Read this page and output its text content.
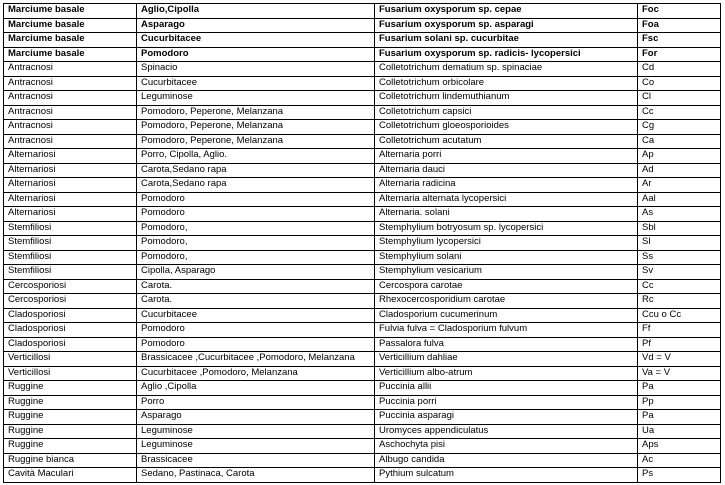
Marciume basale	Aglio,Cipolla	Fusarium oxysporum sp. cepae	Foc
Marciume basale	Asparago	Fusarium oxysporum sp. asparagi	Foa
Marciume basale	Cucurbitacee	Fusarium solani sp. cucurbitae	Fsc
Marciume basale	Pomodoro	Fusarium oxysporum sp. radicis- lycopersici	For
Antracnosi	Spinacio	Colletotrichum dematium sp. spinaciae	Cd
Antracnosi	Cucurbitacee	Colletotrichum orbicolare	Co
Antracnosi	Leguminose	Colletotrichum lindemuthianum	Cl
Antracnosi	Pomodoro, Peperone, Melanzana	Colletotrichum capsici	Cc
Antracnosi	Pomodoro, Peperone, Melanzana	Colletotrichum gloeosporioides	Cg
Antracnosi	Pomodoro, Peperone, Melanzana	Colletotrichum acutatum	Ca
Alternariosi	Porro, Cipolla, Aglio.	Alternaria porri	Ap
Alternariosi	Carota,Sedano rapa	Alternaria dauci	Ad
Alternariosi	Carota,Sedano rapa	Alternaria radicina	Ar
Alternariosi	Pomodoro	Alternaria alternata lycopersici	Aal
Alternariosi	Pomodoro	Alternaria. solani	As
Stemfiliosi	Pomodoro,	Stemphylium botryosum sp. lycopersici	Sbl
Stemfiliosi	Pomodoro,	Stemphylium lycopersici	Sl
Stemfiliosi	Pomodoro,	Stemphylium solani	Ss
Stemfiliosi	Cipolla, Asparago	Stemphylium vesicarium	Sv
Cercosporiosi	Carota.	Cercospora carotae	Cc
Cercosporiosi	Carota.	Rhexocercosporidium carotae	Rc
Cladosporiosi	Cucurbitacee	Cladosporium cucumerinum	Ccu o Cc
Cladosporiosi	Pomodoro	Fulvia fulva = Cladosporium fulvum	Ff
Cladosporiosi	Pomodoro	Passalora fulva	Pf
Verticillosi	Brassicacee ,Cucurbitacee ,Pomodoro, Melanzana	Verticillium dahliae	Vd = V
Verticillosi	Cucurbitacee ,Pomodoro, Melanzana	Verticillium albo-atrum	Va = V
Ruggine	Aglio ,Cipolla	Puccinia allii	Pa
Ruggine	Porro	Puccinia porri	Pp
Ruggine	Asparago	Puccinia asparagi	Pa
Ruggine	Leguminose	Uromyces appendiculatus	Ua
Ruggine	Leguminose	Aschochyta pisi	Aps
Ruggine bianca	Brassicacee	Albugo candida	Ac
Cavità Maculari	Sedano, Pastinaca, Carota	Pythium sulcatum	Ps
